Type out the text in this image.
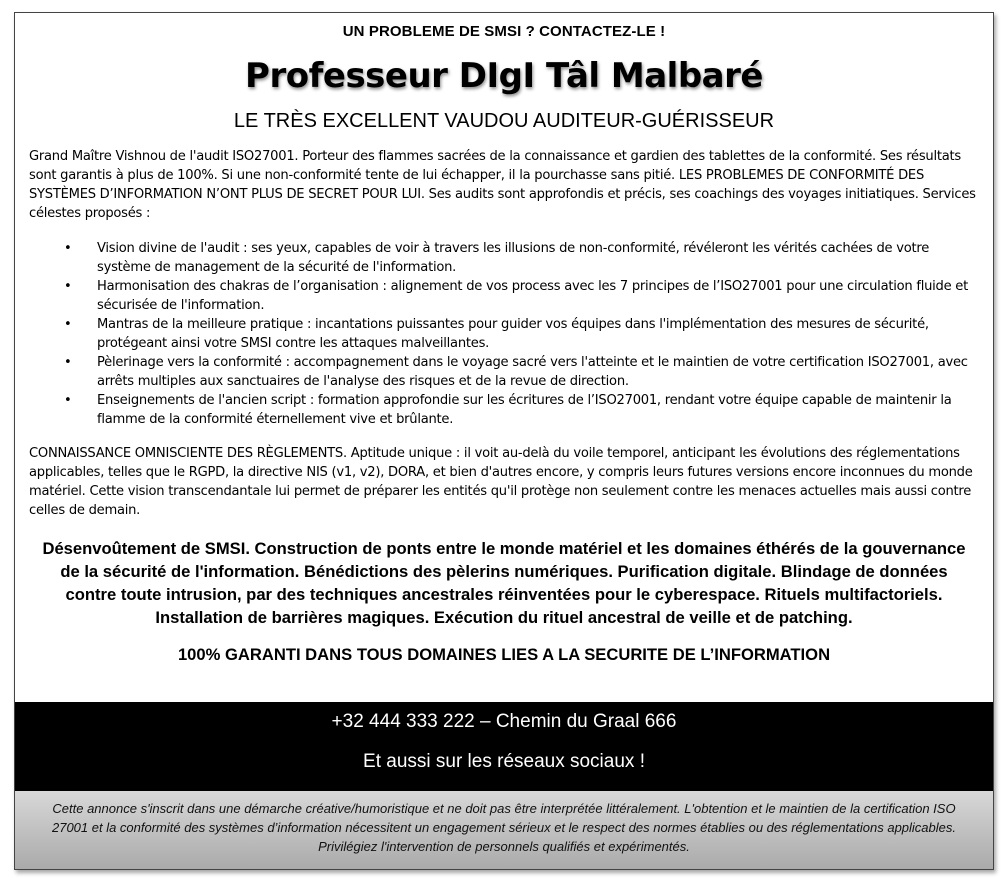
UN PROBLEME DE SMSI ? CONTACTEZ-LE !
Professeur DIgI Tâl Malbaré
LE TRÈS EXCELLENT VAUDOU AUDITEUR-GUÉRISSEUR
Grand Maître Vishnou de l'audit ISO27001. Porteur des flammes sacrées de la connaissance et gardien des tablettes de la conformité. Ses résultats sont garantis à plus de 100%. Si une non-conformité tente de lui échapper, il la pourchasse sans pitié. LES PROBLEMES DE CONFORMITÉ DES SYSTÈMES D’INFORMATION N’ONT PLUS DE SECRET POUR LUI. Ses audits sont approfondis et précis, ses coachings des voyages initiatiques. Services célestes proposés :
• Vision divine de l'audit : ses yeux, capables de voir à travers les illusions de non-conformité, révéleront les vérités cachées de votre système de management de la sécurité de l'information.
• Harmonisation des chakras de l’organisation : alignement de vos process avec les 7 principes de l’ISO27001 pour une circulation fluide et sécurisée de l'information.
• Mantras de la meilleure pratique : incantations puissantes pour guider vos équipes dans l'implémentation des mesures de sécurité, protégeant ainsi votre SMSI contre les attaques malveillantes.
• Pèlerinage vers la conformité : accompagnement dans le voyage sacré vers l'atteinte et le maintien de votre certification ISO27001, avec arrêts multiples aux sanctuaires de l'analyse des risques et de la revue de direction.
• Enseignements de l'ancien script : formation approfondie sur les écritures de l’ISO27001, rendant votre équipe capable de maintenir la flamme de la conformité éternellement vive et brûlante.
CONNAISSANCE OMNISCIENTE DES RÈGLEMENTS. Aptitude unique : il voit au-delà du voile temporel, anticipant les évolutions des réglementations applicables, telles que le RGPD, la directive NIS (v1, v2), DORA, et bien d'autres encore, y compris leurs futures versions encore inconnues du monde matériel. Cette vision transcendantale lui permet de préparer les entités qu'il protège non seulement contre les menaces actuelles mais aussi contre celles de demain.
Désenvoûtement de SMSI. Construction de ponts entre le monde matériel et les domaines éthérés de la gouvernance de la sécurité de l'information. Bénédictions des pèlerins numériques. Purification digitale. Blindage de données contre toute intrusion, par des techniques ancestrales réinventées pour le cyberespace. Rituels multifactoriels. Installation de barrières magiques. Exécution du rituel ancestral de veille et de patching.
100% GARANTI DANS TOUS DOMAINES LIES A LA SECURITE DE L’INFORMATION
+32 444 333 222 – Chemin du Graal 666
Et aussi sur les réseaux sociaux !
Cette annonce s'inscrit dans une démarche créative/humoristique et ne doit pas être interprétée littéralement. L'obtention et le maintien de la certification ISO 27001 et la conformité des systèmes d’information nécessitent un engagement sérieux et le respect des normes établies ou des réglementations applicables. Privilégiez l'intervention de personnels qualifiés et expérimentés.
